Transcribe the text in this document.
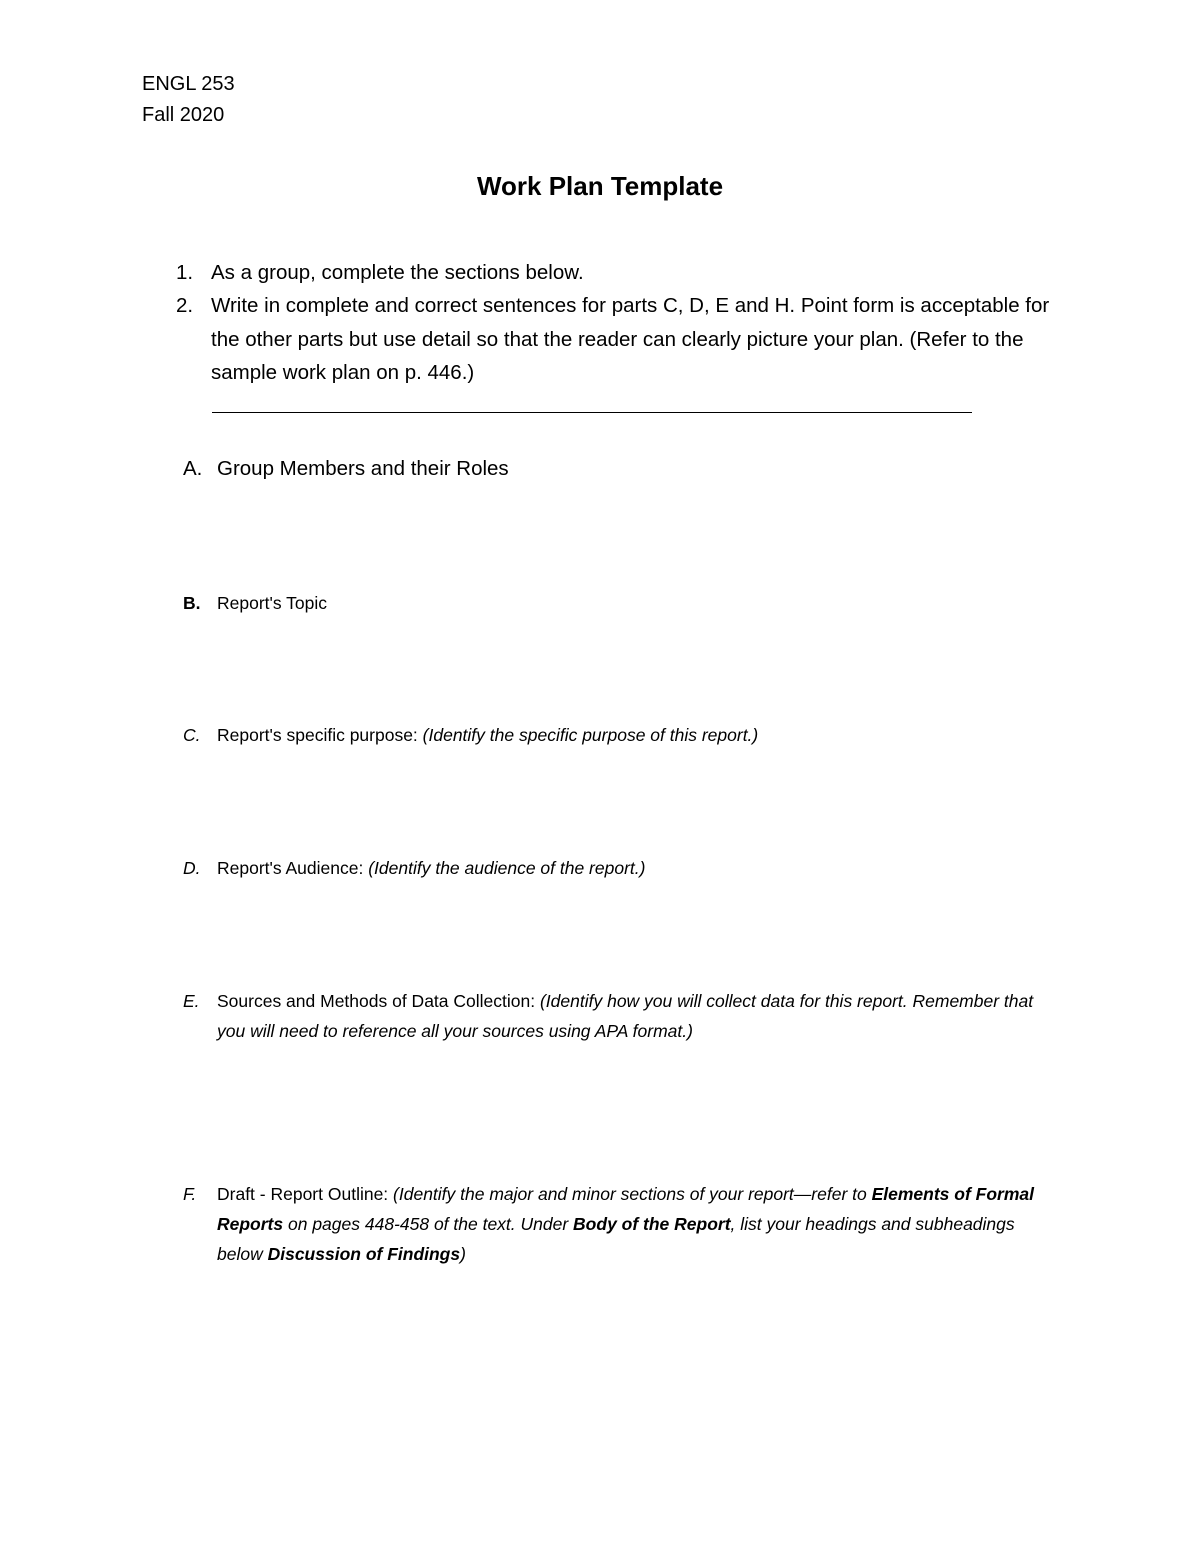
ENGL 253
Fall 2020
Work Plan Template
1. As a group, complete the sections below.
2. Write in complete and correct sentences for parts C, D, E and H. Point form is acceptable for the other parts but use detail so that the reader can clearly picture your plan. (Refer to the sample work plan on p. 446.)
A. Group Members and their Roles
B. Report's Topic
C. Report's specific purpose: (Identify the specific purpose of this report.)
D. Report's Audience: (Identify the audience of the report.)
E. Sources and Methods of Data Collection: (Identify how you will collect data for this report. Remember that you will need to reference all your sources using APA format.)
F. Draft - Report Outline: (Identify the major and minor sections of your report—refer to Elements of Formal Reports on pages 448-458 of the text. Under Body of the Report, list your headings and subheadings below Discussion of Findings)
